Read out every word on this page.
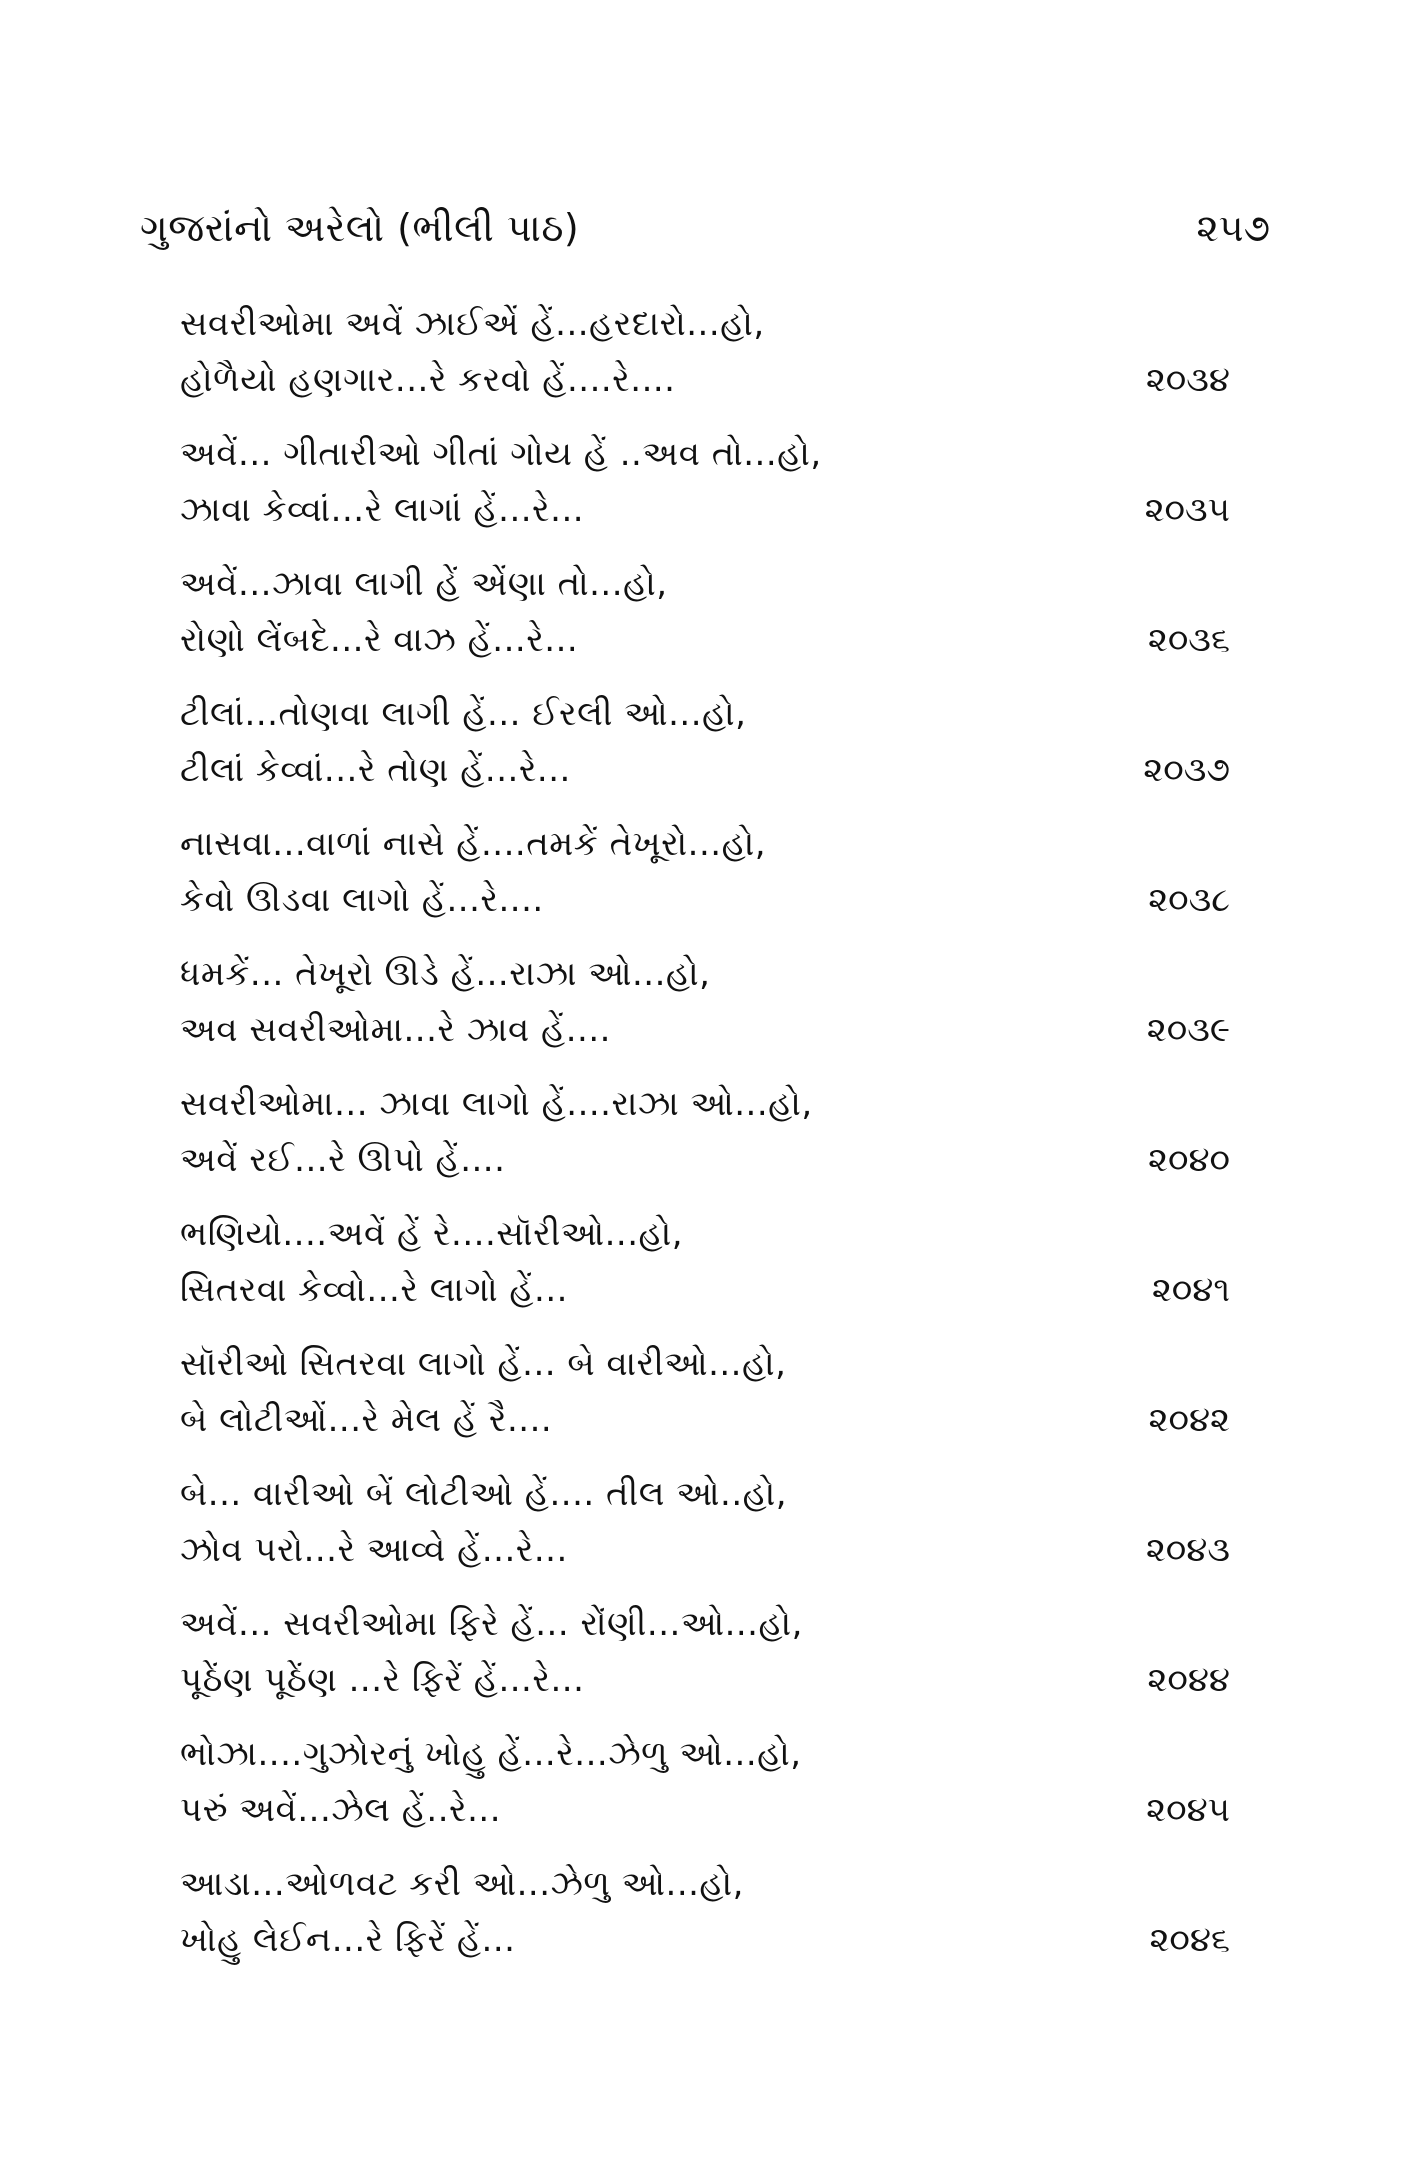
ગુજરાંનો અરેલો (ભીલી પાઠ)	૨૫૭
સવરીઓમા અવેં ઝાઈએં હેં...હરદારો...હો,
હોળૈયો હણગાર...રે કરવો હેં....રે....	૨૦૩૪
અવેં... ગીતારીઓ ગીતાં ગોય હેં ..અવ તો...હો,
ઝાવા કેવ્વાં...રે લાગાં હેં...રે...	૨૦૩૫
અવેં...ઝાવા લાગી હેં એંણા તો...હો,
રોણો લેંબદે...રે વાઝ હેં...રે...	૨૦૩૬
ટીલાં...તોણવા લાગી હેં... ઈરલી ઓ...હો,
ટીલાં કેવ્વાં...રે તોણ હેં...રે...	૨૦૩૭
નાસવા...વાળાં નાસે હેં....તમકેં તેખૂરો...હો,
કેવો ઊડવા લાગો હેં...રે....	૨૦૩૮
ધમકેં... તેખૂરો ઊડે હેં...રાઝા ઓ...હો,
અવ સવરીઓમા...રે ઝાવ હેં....	૨૦૩૯
સવરીઓમા... ઝાવા લાગો હેં....રાઝા ઓ...હો,
અવેં રઈ...રે ઊપો હેં....	૨૦૪૦
ભણિયો....અવેં હેં રે....સૉરીઓ...હો,
સિતરવા કેવ્વો...રે લાગો હેં...	૨૦૪૧
સૉરીઓ સિતરવા લાગો હેં... બે વારીઓ...હો,
બે લોટીઓં...રે મેલ હેં રૈ....	૨૦૪૨
બે... વારીઓ બેં લોટીઓ હેં.... તીલ ઓ..હો,
ઝોવ પરો...રે આવ્વે હેં...રે...	૨૦૪૩
અવેં... સવરીઓમા ફિરે હેં... રોંણી...ઓ...હો,
પૂઠેંણ પૂઠેંણ ...રે ફિરેં હેં...રે...	૨૦૪૪
ભોઝા....ગુઝોરનું ખોહુ હેં...રે...ઝેળુ ઓ...હો,
પરું અવેં...ઝેલ હેં..રે...	૨૦૪૫
આડા...ઓળવટ કરી ઓ...ઝેળુ ઓ...હો,
ખોહુ લેઈન...રે ફિરેં હેં...	૨૦૪૬
